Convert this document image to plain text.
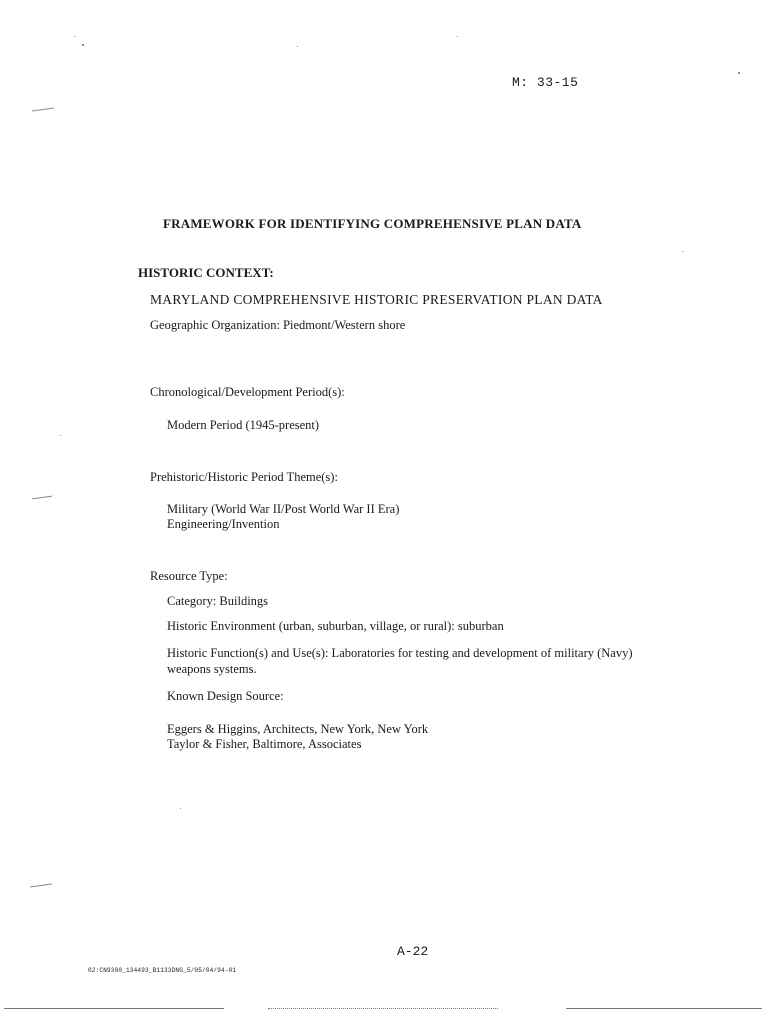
M: 33-15
FRAMEWORK FOR IDENTIFYING COMPREHENSIVE PLAN DATA
HISTORIC CONTEXT:
MARYLAND COMPREHENSIVE HISTORIC PRESERVATION PLAN DATA
Geographic Organization: Piedmont/Western shore
Chronological/Development Period(s):
Modern Period (1945-present)
Prehistoric/Historic Period Theme(s):
Military (World War II/Post World War II Era)
Engineering/Invention
Resource Type:
Category: Buildings
Historic Environment (urban, suburban, village, or rural): suburban
Historic Function(s) and Use(s): Laboratories for testing and development of military (Navy) weapons systems.
Known Design Source:
Eggers & Higgins, Architects, New York, New York
Taylor & Fisher, Baltimore, Associates
A-22
02:CN9300_134493_B1133DNG_5/05/04/94-01
